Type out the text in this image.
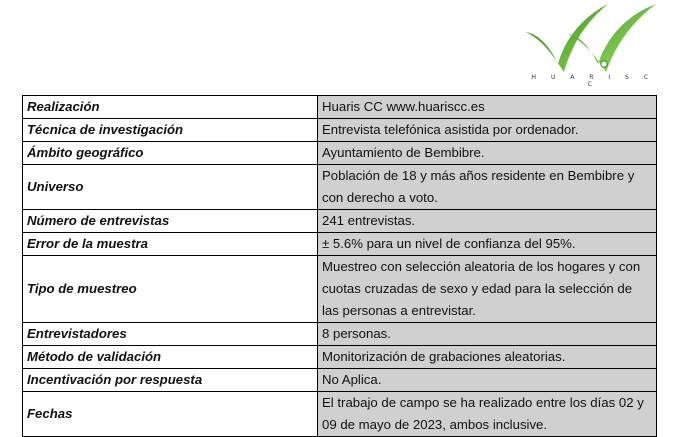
H U A R I S C C
Realización	Huaris CC www.huariscc.es
Técnica de investigación	Entrevista telefónica asistida por ordenador.
Ámbito geográfico	Ayuntamiento de Bembibre.
Universo	Población de 18 y más años residente en Bembibre y con derecho a voto.
Número de entrevistas	241 entrevistas.
Error de la muestra	± 5.6% para un nivel de confianza del 95%.
Tipo de muestreo	Muestreo con selección aleatoria de los hogares y con cuotas cruzadas de sexo y edad para la selección de las personas a entrevistar.
Entrevistadores	8 personas.
Método de validación	Monitorización de grabaciones aleatorias.
Incentivación por respuesta	No Aplica.
Fechas	El trabajo de campo se ha realizado entre los días 02 y 09 de mayo de 2023, ambos inclusive.
